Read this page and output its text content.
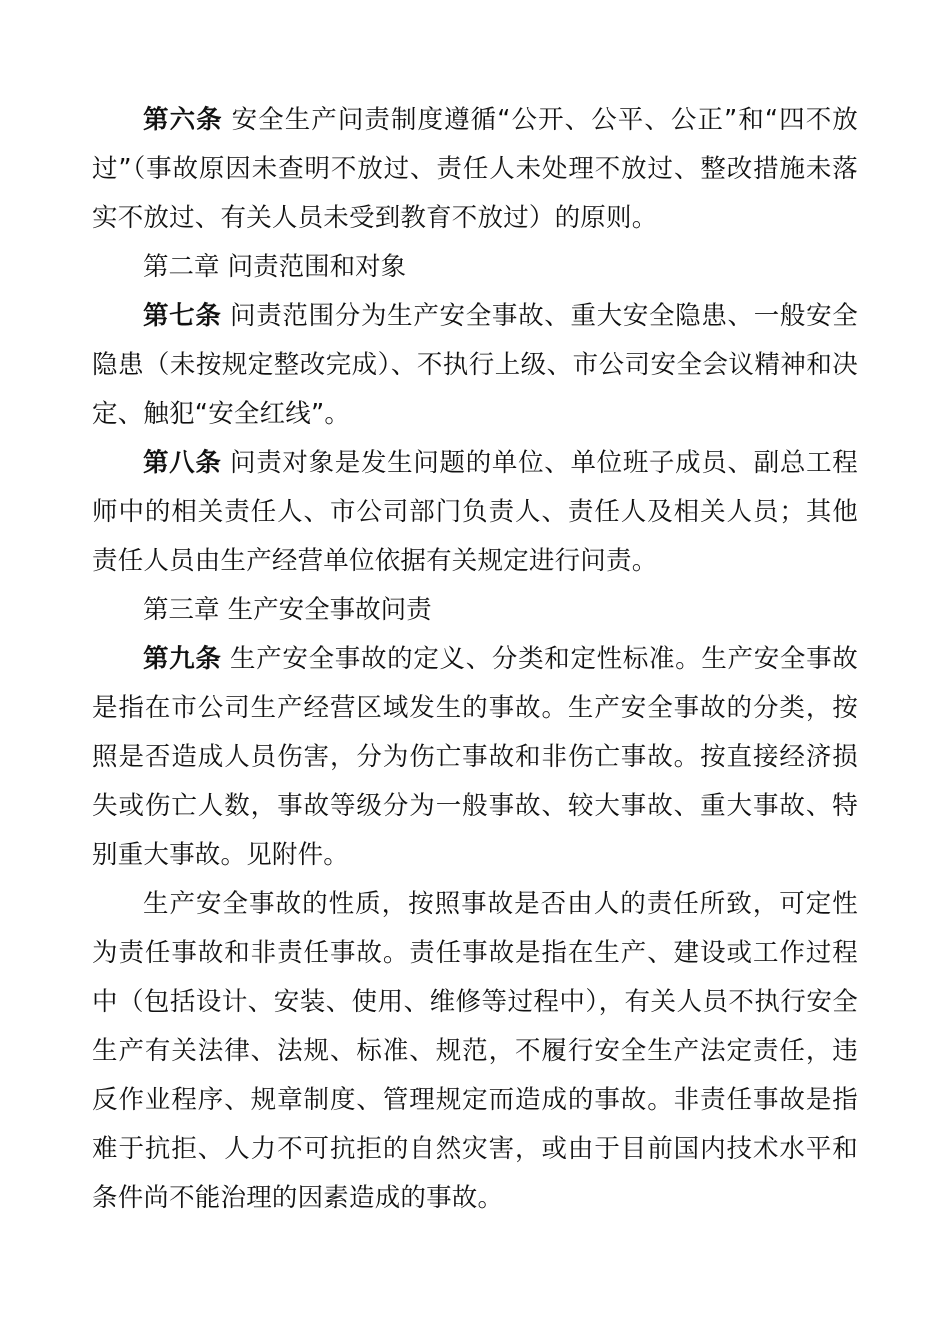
第六条 安全生产问责制度遵循“公开、公平、公正”和“四不放过”（事故原因未查明不放过、责任人未处理不放过、整改措施未落实不放过、有关人员未受到教育不放过）的原则。

第二章 问责范围和对象

第七条 问责范围分为生产安全事故、重大安全隐患、一般安全隐患（未按规定整改完成）、不执行上级、市公司安全会议精神和决定、触犯“安全红线”。

第八条 问责对象是发生问题的单位、单位班子成员、副总工程师中的相关责任人、市公司部门负责人、责任人及相关人员；其他责任人员由生产经营单位依据有关规定进行问责。

第三章 生产安全事故问责

第九条 生产安全事故的定义、分类和定性标准。生产安全事故是指在市公司生产经营区域发生的事故。生产安全事故的分类，按照是否造成人员伤害，分为伤亡事故和非伤亡事故。按直接经济损失或伤亡人数，事故等级分为一般事故、较大事故、重大事故、特别重大事故。见附件。

生产安全事故的性质，按照事故是否由人的责任所致，可定性为责任事故和非责任事故。责任事故是指在生产、建设或工作过程中（包括设计、安装、使用、维修等过程中），有关人员不执行安全生产有关法律、法规、标准、规范，不履行安全生产法定责任，违反作业程序、规章制度、管理规定而造成的事故。非责任事故是指难于抗拒、人力不可抗拒的自然灾害，或由于目前国内技术水平和条件尚不能治理的因素造成的事故。
